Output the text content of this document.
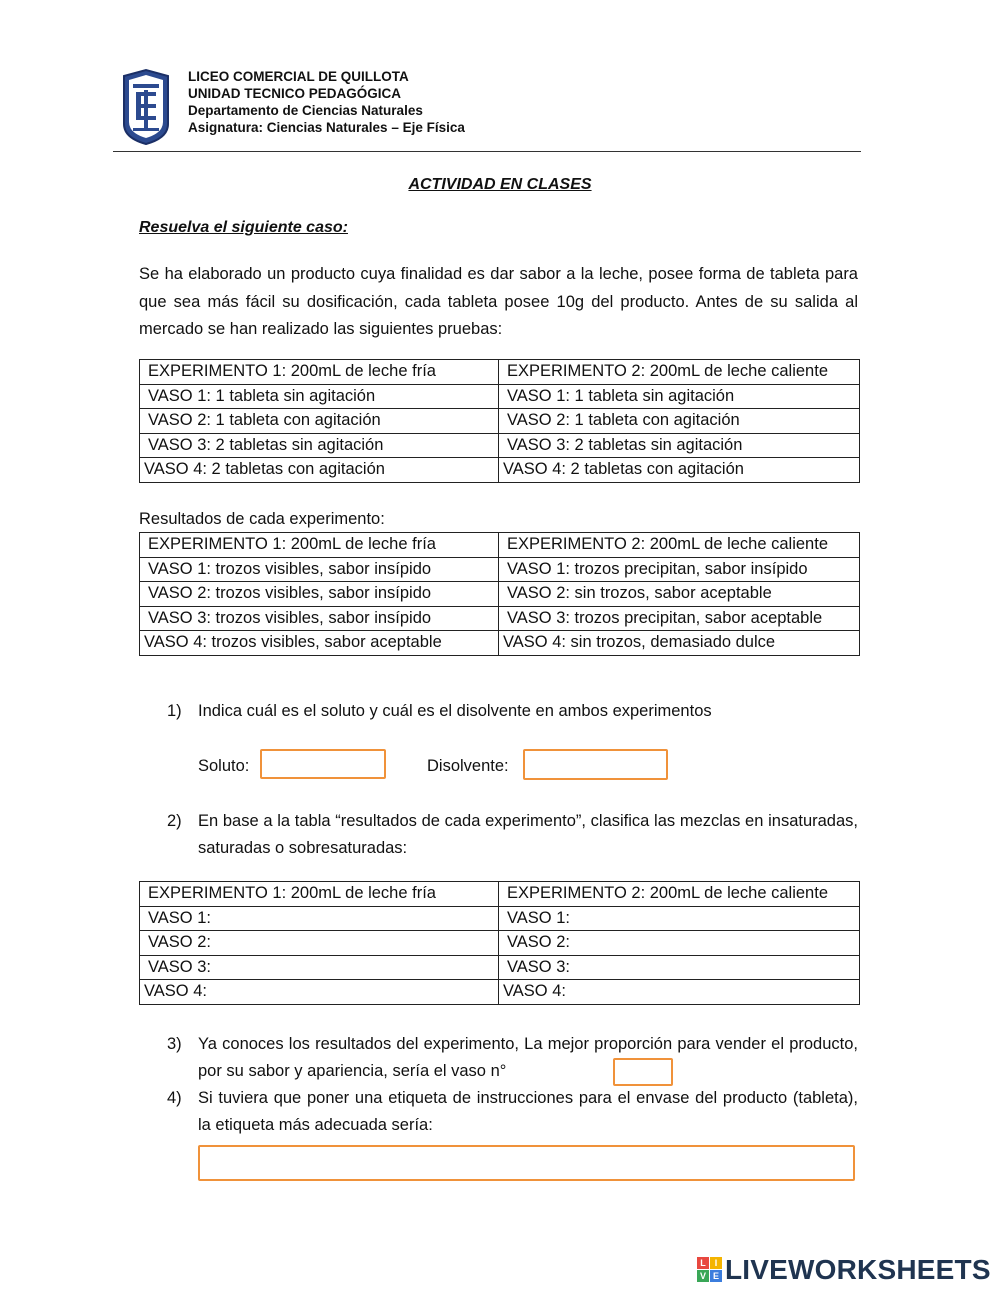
LICEO COMERCIAL DE QUILLOTA
UNIDAD TECNICO PEDAGÓGICA
Departamento de Ciencias Naturales
Asignatura: Ciencias Naturales – Eje Física
ACTIVIDAD EN CLASES
Resuelva el siguiente caso:
Se ha elaborado un producto cuya finalidad es dar sabor a la leche, posee forma de tableta para que sea más fácil su dosificación, cada tableta posee 10g del producto. Antes de su salida al mercado se han realizado las siguientes pruebas:
EXPERIMENTO 1: 200mL de leche fría	EXPERIMENTO 2: 200mL de leche caliente
VASO 1: 1 tableta sin agitación	VASO 1: 1 tableta sin agitación
VASO 2: 1 tableta con agitación	VASO 2: 1 tableta con agitación
VASO 3: 2 tabletas sin agitación	VASO 3: 2 tabletas sin agitación
VASO 4: 2 tabletas con agitación	VASO 4: 2 tabletas con agitación
Resultados de cada experimento:
EXPERIMENTO 1: 200mL de leche fría	EXPERIMENTO 2: 200mL de leche caliente
VASO 1: trozos visibles, sabor insípido	VASO 1: trozos precipitan, sabor insípido
VASO 2: trozos visibles, sabor insípido	VASO 2: sin trozos, sabor aceptable
VASO 3: trozos visibles, sabor insípido	VASO 3: trozos precipitan, sabor aceptable
VASO 4: trozos visibles, sabor aceptable	VASO 4: sin trozos, demasiado dulce
1) Indica cuál es el soluto y cuál es el disolvente en ambos experimentos
Soluto:	Disolvente:
2) En base a la tabla “resultados de cada experimento”, clasifica las mezclas en insaturadas, saturadas o sobresaturadas:
EXPERIMENTO 1: 200mL de leche fría	EXPERIMENTO 2: 200mL de leche caliente
VASO 1:	VASO 1:
VASO 2:	VASO 2:
VASO 3:	VASO 3:
VASO 4:	VASO 4:
3) Ya conoces los resultados del experimento, La mejor proporción para vender el producto, por su sabor y apariencia, sería el vaso n°
4) Si tuviera que poner una etiqueta de instrucciones para el envase del producto (tableta), la etiqueta más adecuada sería:
L I
V E LIVEWORKSHEETS
